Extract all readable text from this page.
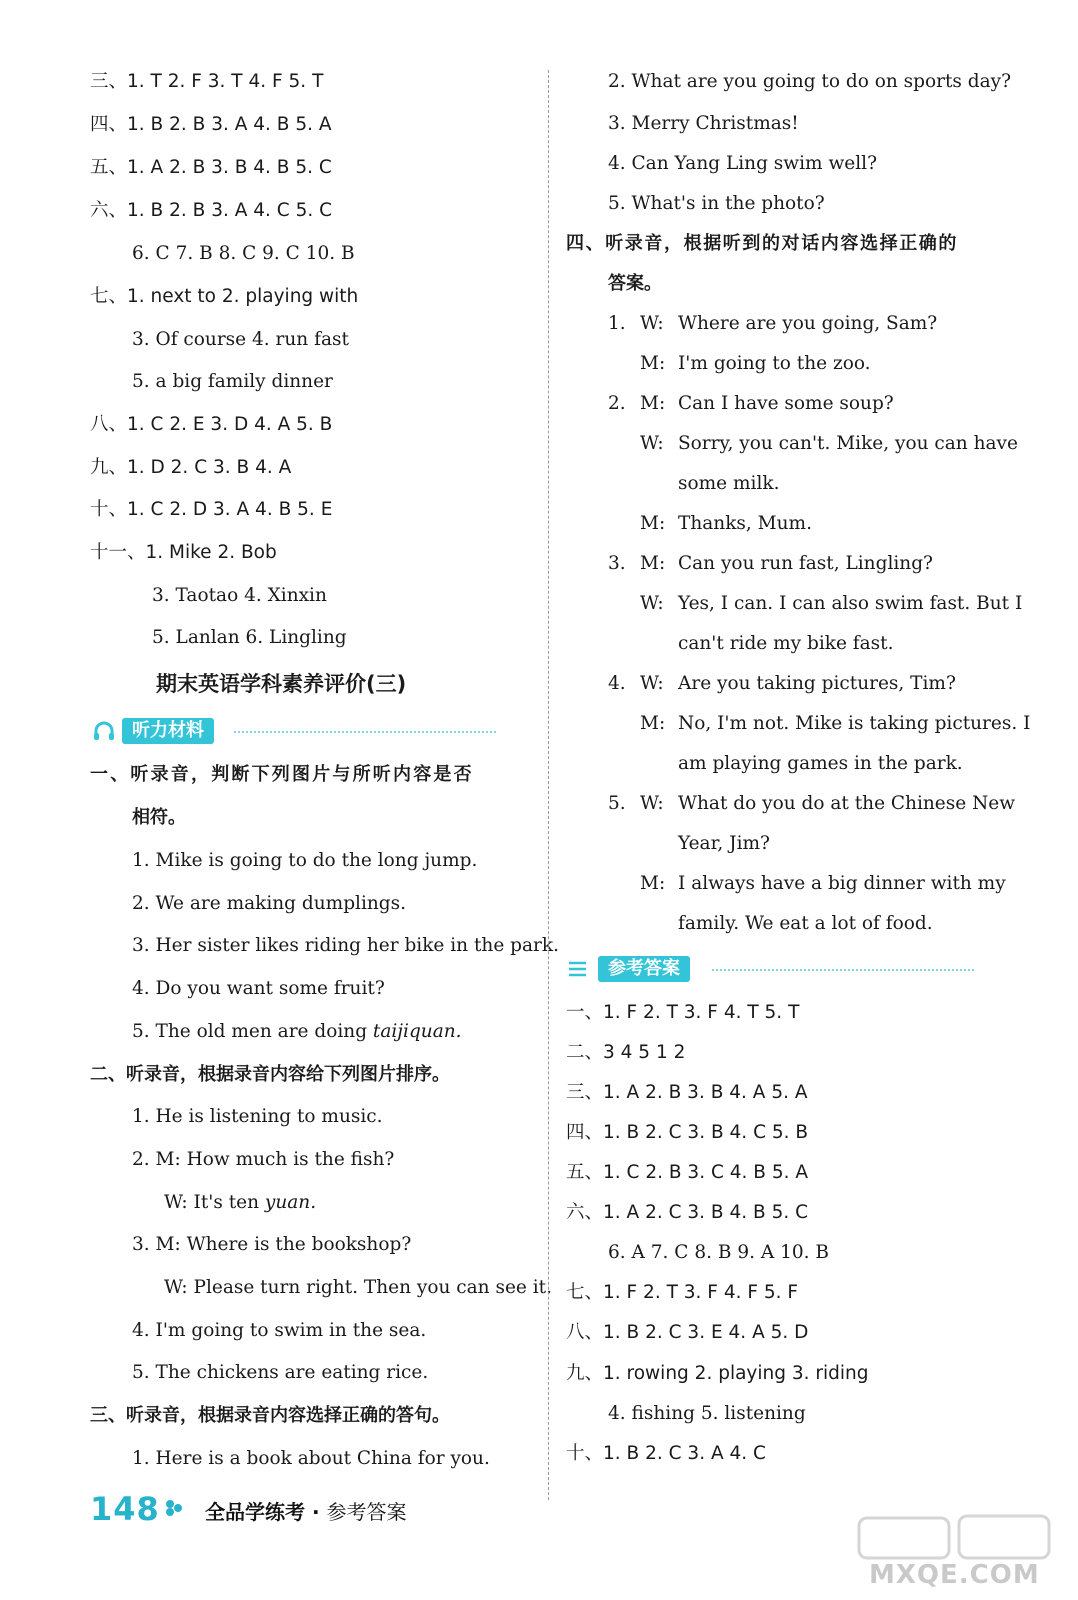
三、1. T 2. F 3. T 4. F 5. T
四、1. B 2. B 3. A 4. B 5. A
五、1. A 2. B 3. B 4. B 5. C
六、1. B 2. B 3. A 4. C 5. C
6. C 7. B 8. C 9. C 10. B
七、1. next to 2. playing with
3. Of course 4. run fast
5. a big family dinner
八、1. C 2. E 3. D 4. A 5. B
九、1. D 2. C 3. B 4. A
十、1. C 2. D 3. A 4. B 5. E
十一、1. Mike 2. Bob
3. Taotao 4. Xinxin
5. Lanlan 6. Lingling
期末英语学科素养评价(三)
听力材料
一、听录音，判断下列图片与所听内容是否
相符。
1. Mike is going to do the long jump.
2. We are making dumplings.
3. Her sister likes riding her bike in the park.
4. Do you want some fruit?
5. The old men are doing taijiquan.
二、听录音，根据录音内容给下列图片排序。
1. He is listening to music.
2. M: How much is the fish?
W: It's ten yuan.
3. M: Where is the bookshop?
W: Please turn right. Then you can see it.
4. I'm going to swim in the sea.
5. The chickens are eating rice.
三、听录音，根据录音内容选择正确的答句。
1. Here is a book about China for you.
2. What are you going to do on sports day?
3. Merry Christmas!
4. Can Yang Ling swim well?
5. What's in the photo?
四、听录音，根据听到的对话内容选择正确的
答案。
1. W: Where are you going, Sam?
M: I'm going to the zoo.
2. M: Can I have some soup?
W: Sorry, you can't. Mike, you can have
some milk.
M: Thanks, Mum.
3. M: Can you run fast, Lingling?
W: Yes, I can. I can also swim fast. But I
can't ride my bike fast.
4. W: Are you taking pictures, Tim?
M: No, I'm not. Mike is taking pictures. I
am playing games in the park.
5. W: What do you do at the Chinese New
Year, Jim?
M: I always have a big dinner with my
family. We eat a lot of food.
参考答案
一、1. F 2. T 3. F 4. T 5. T
二、3 4 5 1 2
三、1. A 2. B 3. B 4. A 5. A
四、1. B 2. C 3. B 4. C 5. B
五、1. C 2. B 3. C 4. B 5. A
六、1. A 2. C 3. B 4. B 5. C
6. A 7. C 8. B 9. A 10. B
七、1. F 2. T 3. F 4. F 5. F
八、1. B 2. C 3. E 4. A 5. D
九、1. rowing 2. playing 3. riding
4. fishing 5. listening
十、1. B 2. C 3. A 4. C
148 全品学练考 · 参考答案
MXQE.COM
